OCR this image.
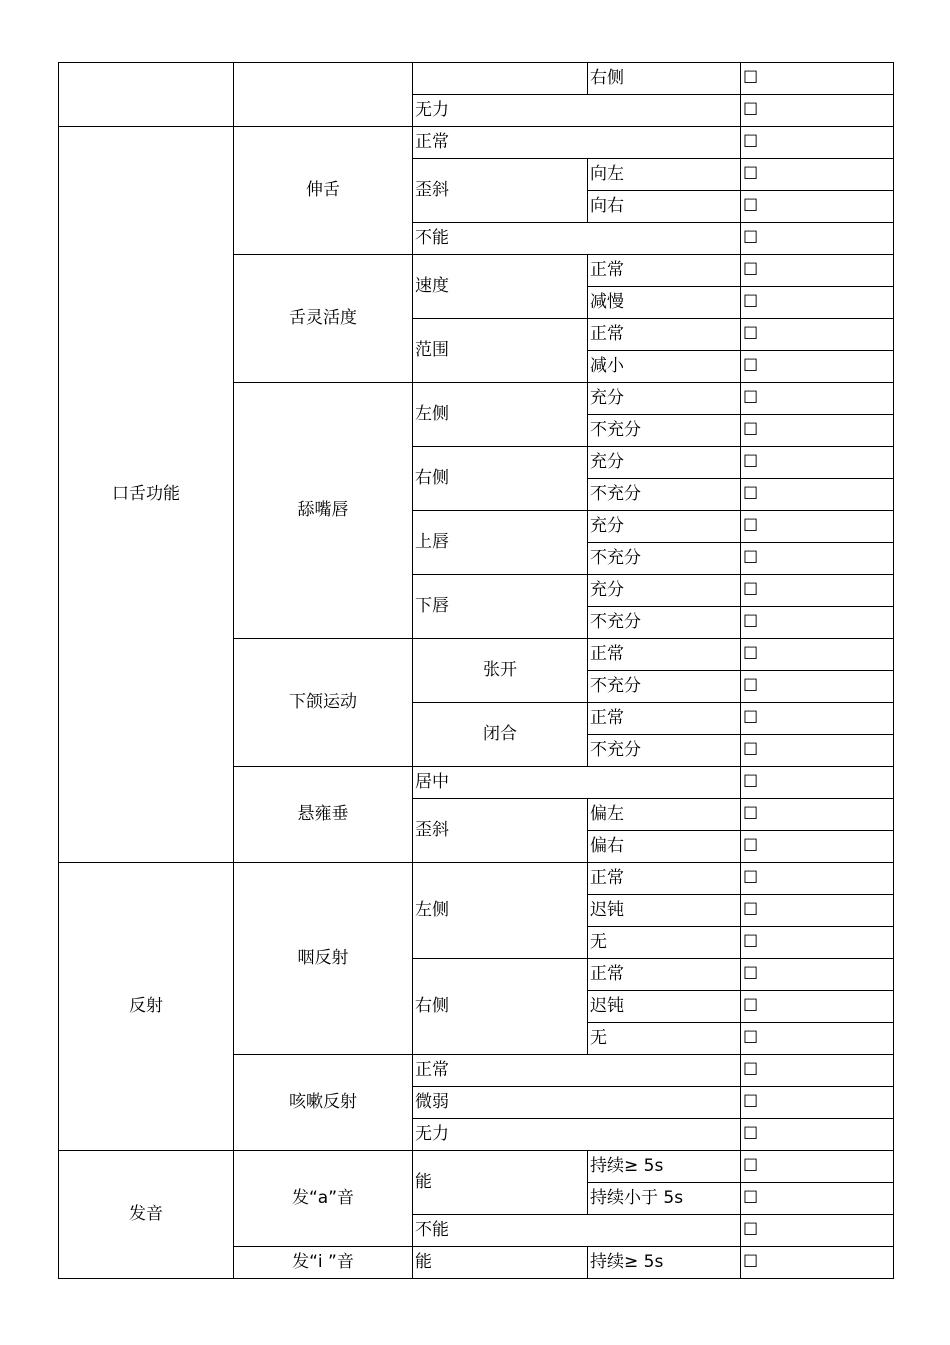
			右侧	☐
		无力		☐
口舌功能	伸舌	正常		☐
		歪斜	向左	☐
			向右	☐
		不能		☐
	舌灵活度	速度	正常	☐
			减慢	☐
		范围	正常	☐
			减小	☐
	舔嘴唇	左侧	充分	☐
			不充分	☐
		右侧	充分	☐
			不充分	☐
		上唇	充分	☐
			不充分	☐
		下唇	充分	☐
			不充分	☐
	下颌运动	张开	正常	☐
			不充分	☐
		闭合	正常	☐
			不充分	☐
	悬雍垂	居中		☐
		歪斜	偏左	☐
			偏右	☐
反射	咽反射	左侧	正常	☐
			迟钝	☐
			无	☐
		右侧	正常	☐
			迟钝	☐
			无	☐
	咳嗽反射	正常		☐
		微弱		☐
		无力		☐
发音	发“a”音	能	持续≥ 5s	☐
			持续小于 5s	☐
		不能		☐
	发“i ”音	能	持续≥ 5s	☐
